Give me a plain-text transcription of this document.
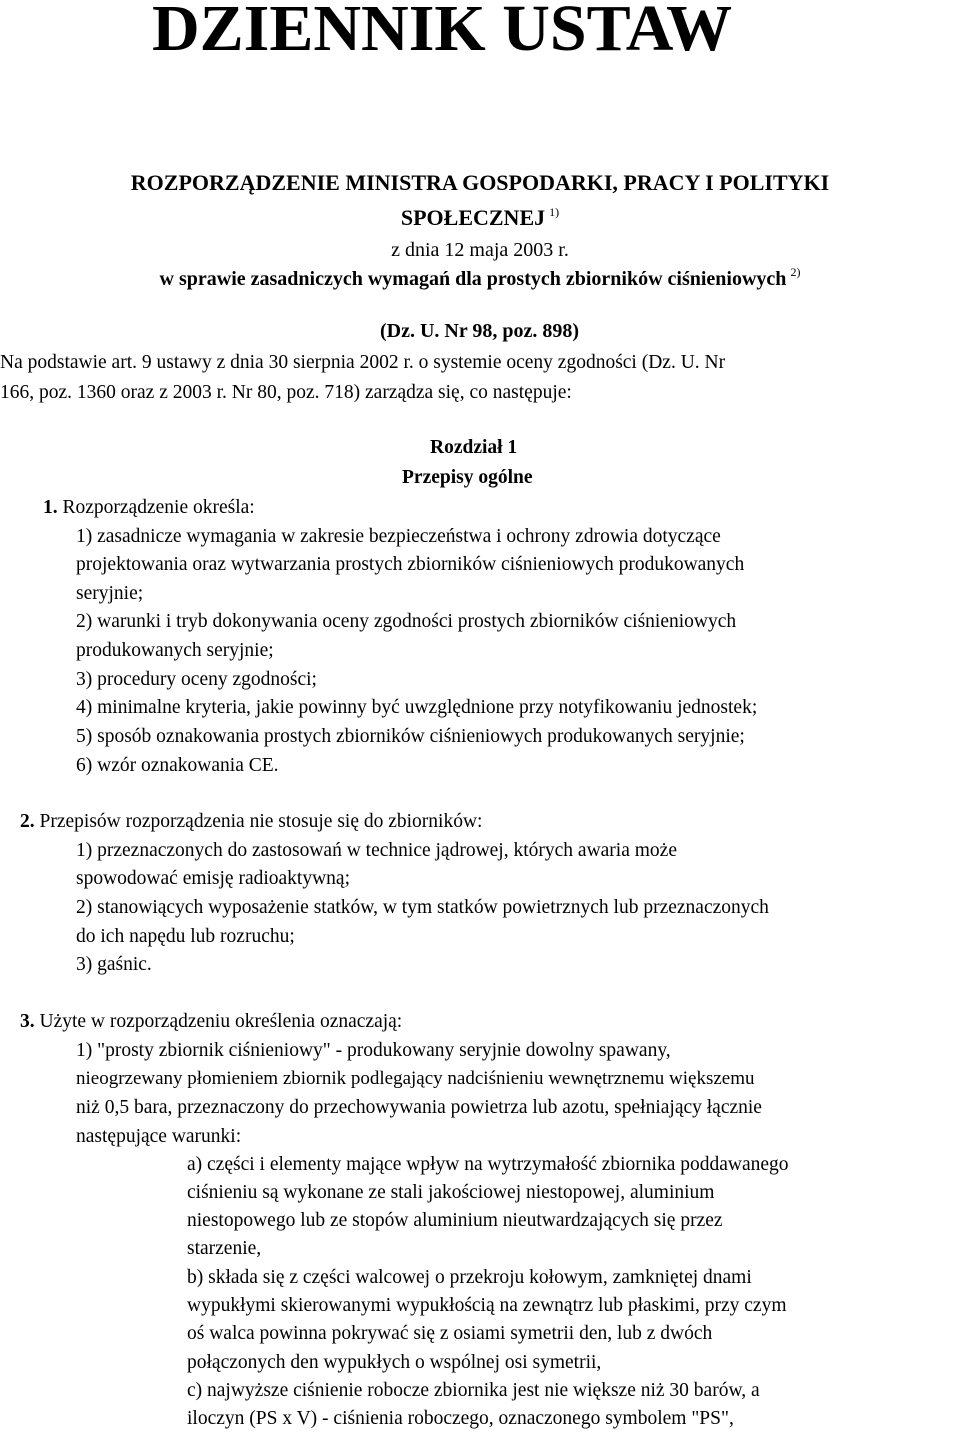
DZIENNIK USTAW
ROZPORZĄDZENIE MINISTRA GOSPODARKI, PRACY I POLITYKI
SPOŁECZNEJ $^{1)}$
z dnia 12 maja 2003 r.
w sprawie zasadniczych wymagań dla prostych zbiorników ciśnieniowych $^{2)}$
(Dz. U. Nr 98, poz. 898)
Na podstawie art. 9 ustawy z dnia 30 sierpnia 2002 r. o systemie oceny zgodności (Dz. U. Nr
166, poz. 1360 oraz z 2003 r. Nr 80, poz. 718) zarządza się, co następuje:
Rozdział 1
Przepisy ogólne
1. Rozporządzenie określa:
1) zasadnicze wymagania w zakresie bezpieczeństwa i ochrony zdrowia dotyczące
projektowania oraz wytwarzania prostych zbiorników ciśnieniowych produkowanych
seryjnie;
2) warunki i tryb dokonywania oceny zgodności prostych zbiorników ciśnieniowych
produkowanych seryjnie;
3) procedury oceny zgodności;
4) minimalne kryteria, jakie powinny być uwzględnione przy notyfikowaniu jednostek;
5) sposób oznakowania prostych zbiorników ciśnieniowych produkowanych seryjnie;
6) wzór oznakowania CE.
2. Przepisów rozporządzenia nie stosuje się do zbiorników:
1) przeznaczonych do zastosowań w technice jądrowej, których awaria może
spowodować emisję radioaktywną;
2) stanowiących wyposażenie statków, w tym statków powietrznych lub przeznaczonych
do ich napędu lub rozruchu;
3) gaśnic.
3. Użyte w rozporządzeniu określenia oznaczają:
1) "prosty zbiornik ciśnieniowy" - produkowany seryjnie dowolny spawany,
nieogrzewany płomieniem zbiornik podlegający nadciśnieniu wewnętrznemu większemu
niż 0,5 bara, przeznaczony do przechowywania powietrza lub azotu, spełniający łącznie
następujące warunki:
a) części i elementy mające wpływ na wytrzymałość zbiornika poddawanego
ciśnieniu są wykonane ze stali jakościowej niestopowej, aluminium
niestopowego lub ze stopów aluminium nieutwardzających się przez
starzenie,
b) składa się z części walcowej o przekroju kołowym, zamkniętej dnami
wypukłymi skierowanymi wypukłością na zewnątrz lub płaskimi, przy czym
oś walca powinna pokrywać się z osiami symetrii den, lub z dwóch
połączonych den wypukłych o wspólnej osi symetrii,
c) najwyższe ciśnienie robocze zbiornika jest nie większe niż 30 barów, a
iloczyn (PS x V) - ciśnienia roboczego, oznaczonego symbolem "PS",
